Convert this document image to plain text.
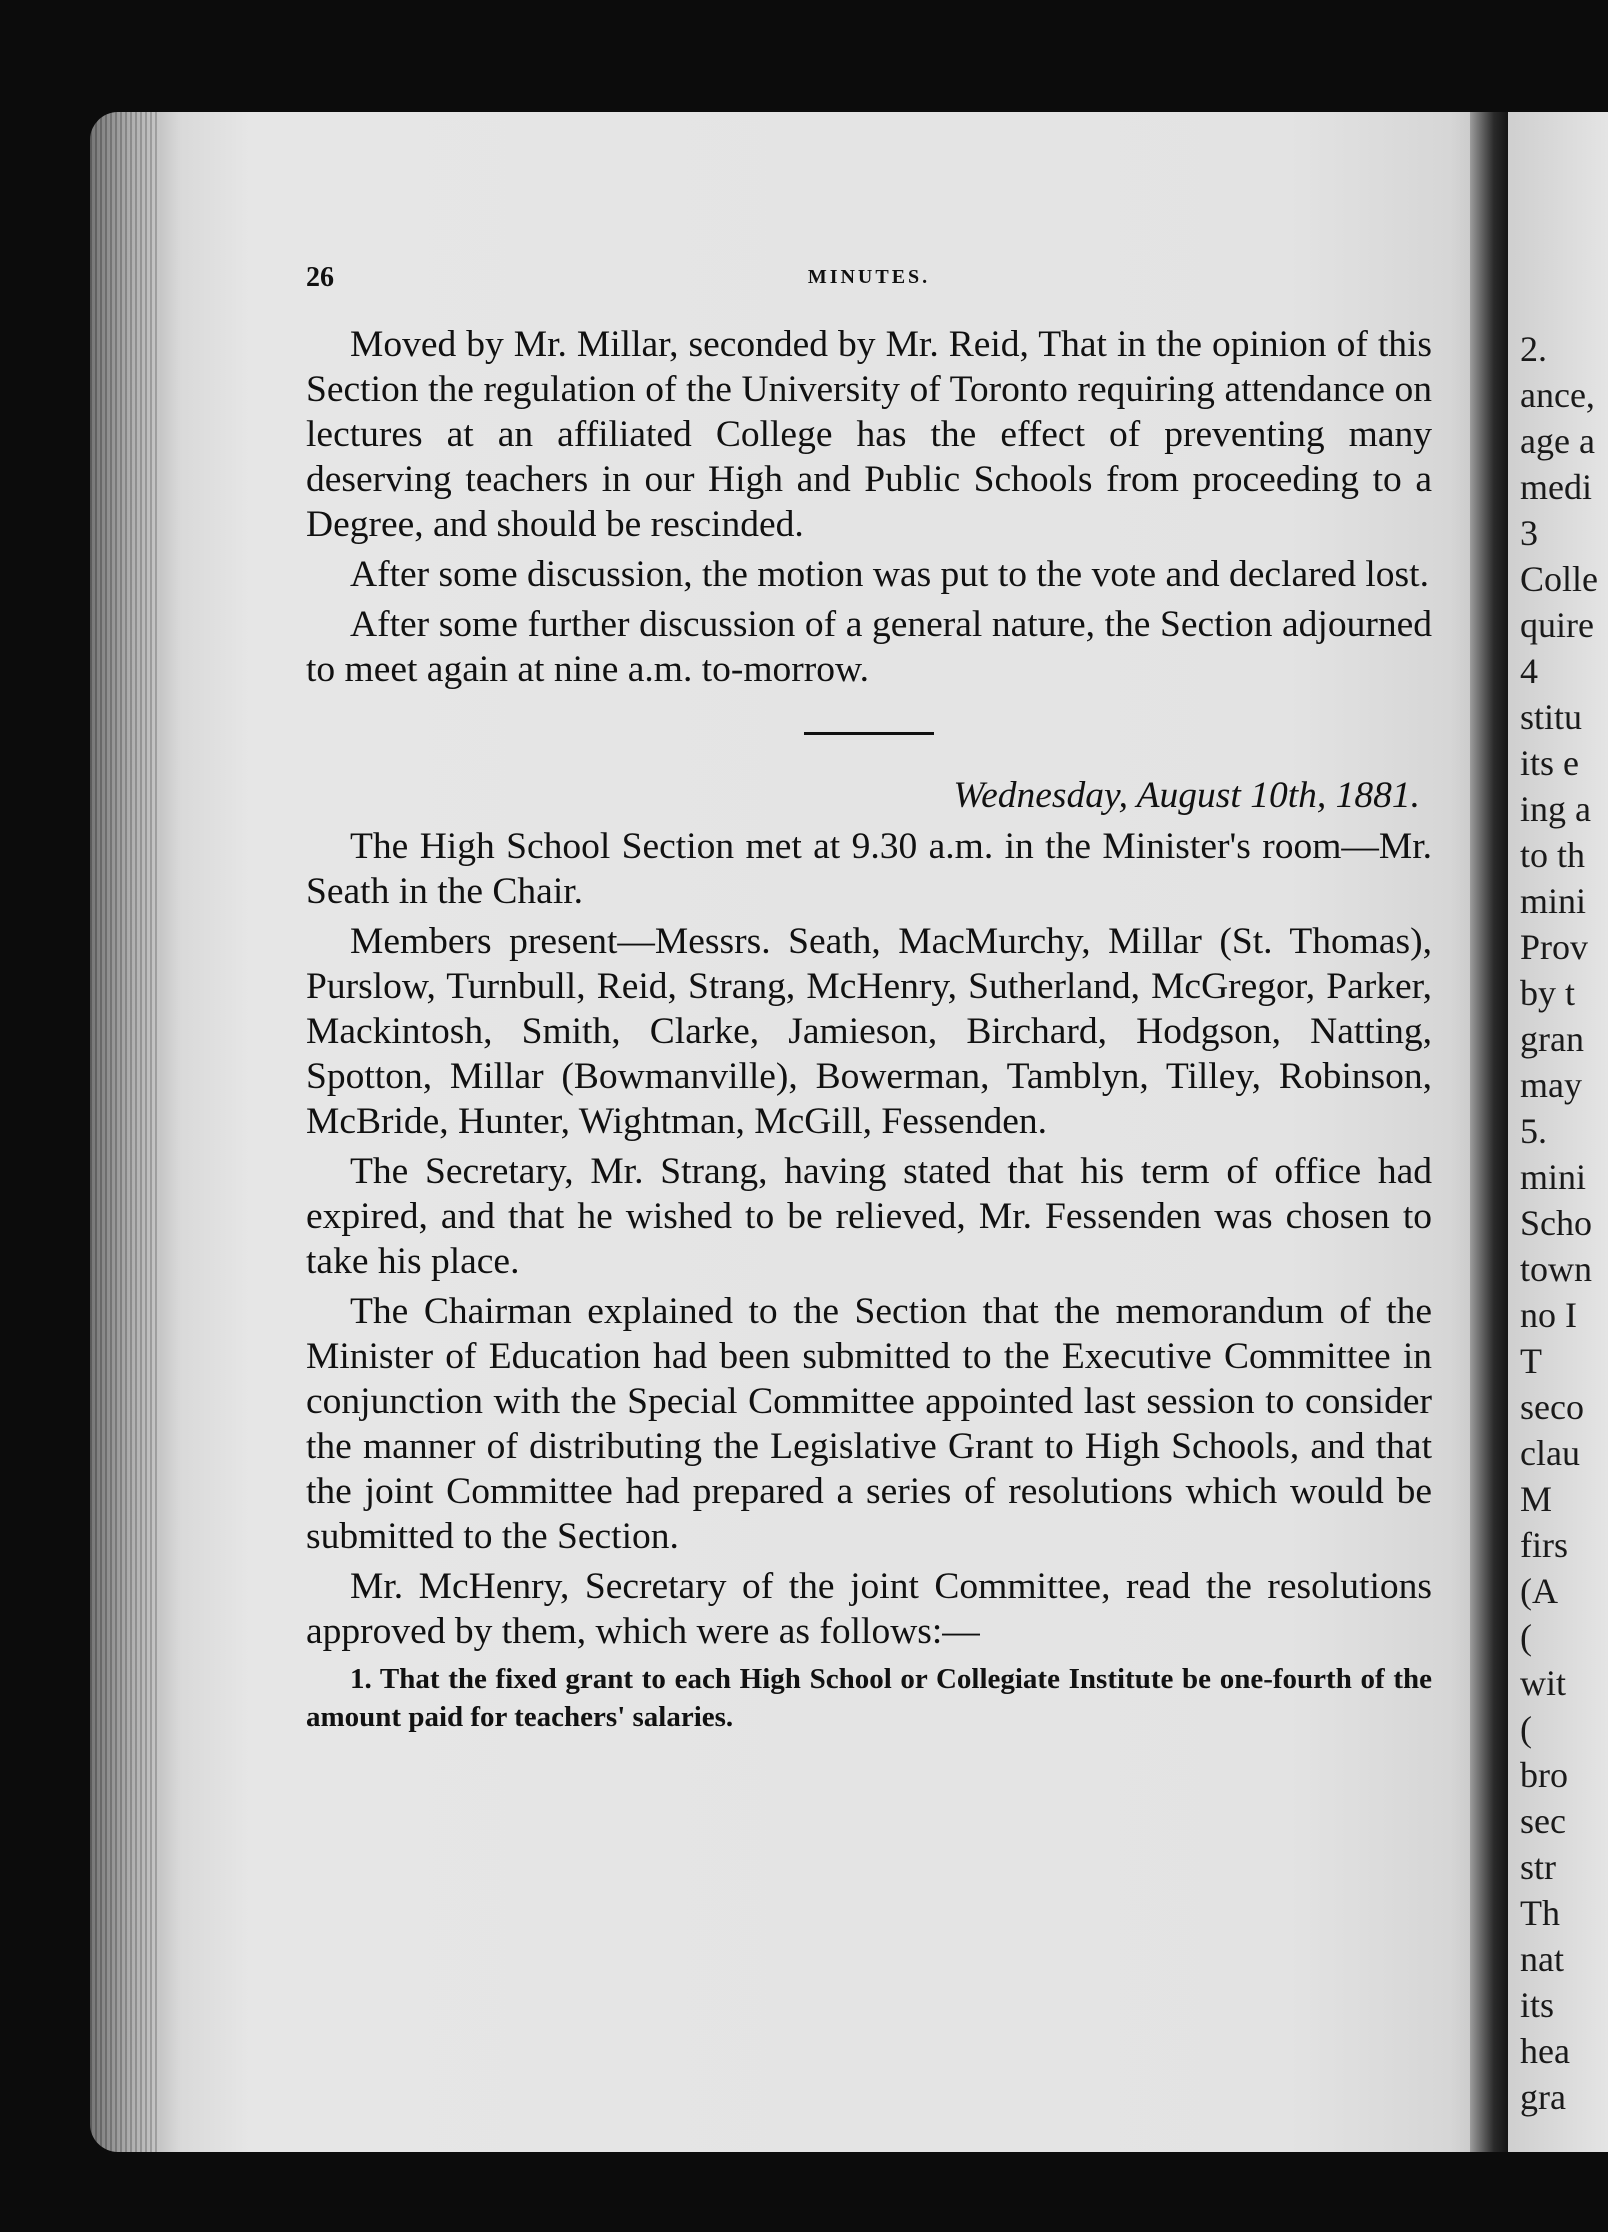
2.
ance,
age a
medi
3
Colle
quire
4
stitu
its e
ing a
to th
mini
Prov
by t
gran
may
5.
mini
Scho
town
no I
T
seco
clau
M
firs
(A
(
wit
(
bro
sec
str
Th
nat
its
hea
gra
26	MINUTES.

Moved by Mr. Millar, seconded by Mr. Reid, That in the opinion of this Section the regulation of the University of Toronto requiring attendance on lectures at an affiliated College has the effect of preventing many deserving teachers in our High and Public Schools from proceeding to a Degree, and should be rescinded.

After some discussion, the motion was put to the vote and declared lost.

After some further discussion of a general nature, the Section adjourned to meet again at nine a.m. to-morrow.

Wednesday, August 10th, 1881.

The High School Section met at 9.30 a.m. in the Minister's room—Mr. Seath in the Chair.

Members present—Messrs. Seath, MacMurchy, Millar (St. Thomas), Purslow, Turnbull, Reid, Strang, McHenry, Sutherland, McGregor, Parker, Mackintosh, Smith, Clarke, Jamieson, Birchard, Hodgson, Natting, Spotton, Millar (Bowmanville), Bowerman, Tamblyn, Tilley, Robinson, McBride, Hunter, Wightman, McGill, Fessenden.

The Secretary, Mr. Strang, having stated that his term of office had expired, and that he wished to be relieved, Mr. Fessenden was chosen to take his place.

The Chairman explained to the Section that the memorandum of the Minister of Education had been submitted to the Executive Committee in conjunction with the Special Committee appointed last session to consider the manner of distributing the Legislative Grant to High Schools, and that the joint Committee had prepared a series of resolutions which would be submitted to the Section.

Mr. McHenry, Secretary of the joint Committee, read the resolutions approved by them, which were as follows:—

1. That the fixed grant to each High School or Collegiate Institute be one-fourth of the amount paid for teachers' salaries.
